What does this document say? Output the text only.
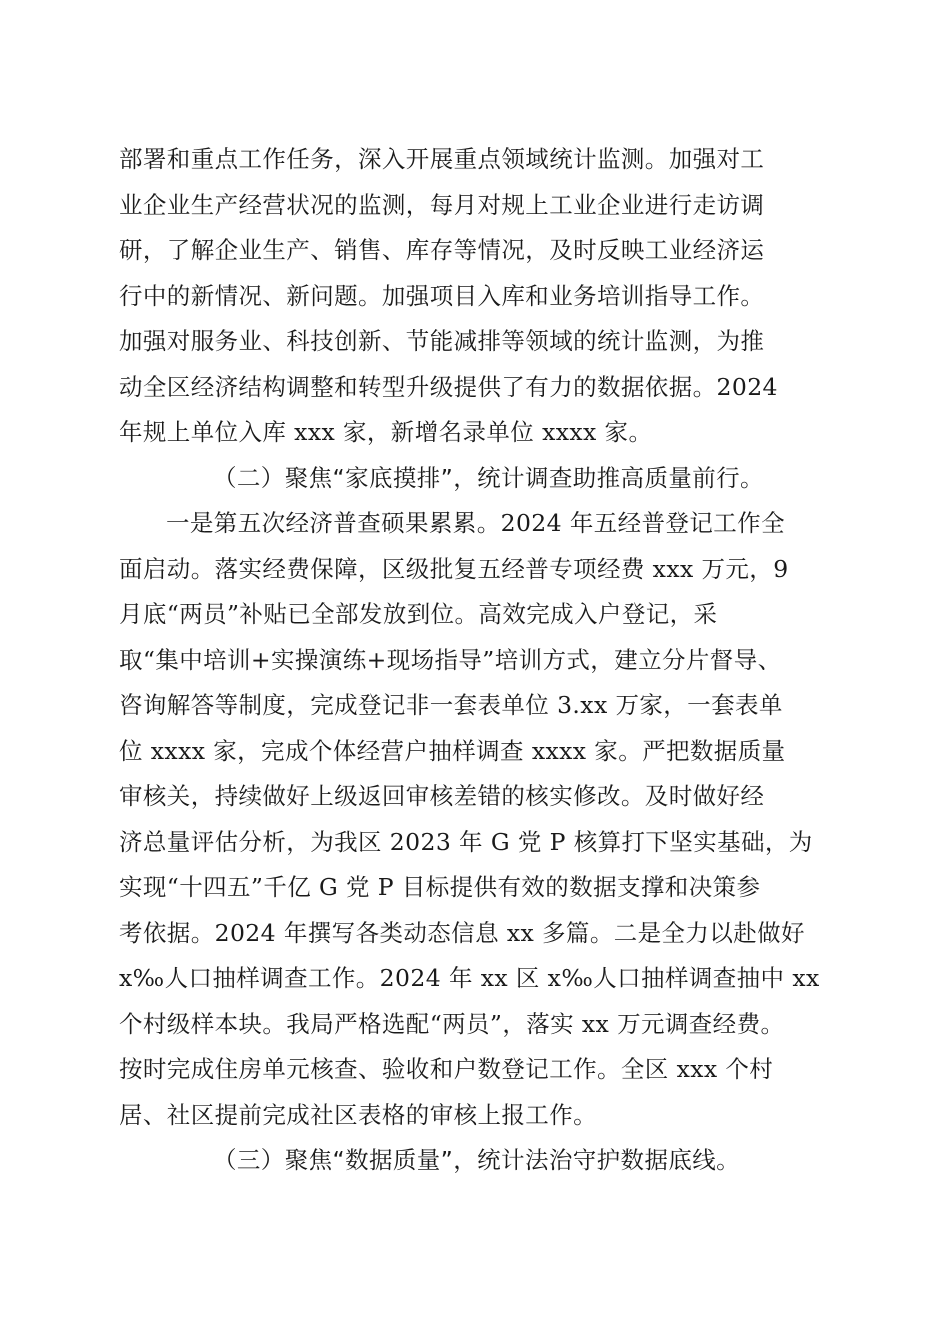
部署和重点工作任务，深入开展重点领域统计监测。加强对工
业企业生产经营状况的监测，每月对规上工业企业进行走访调
研，了解企业生产、销售、库存等情况，及时反映工业经济运
行中的新情况、新问题。加强项目入库和业务培训指导工作。
加强对服务业、科技创新、节能减排等领域的统计监测，为推
动全区经济结构调整和转型升级提供了有力的数据依据。2024
年规上单位入库 xxx 家，新增名录单位 xxxx 家。

（二）聚焦“家底摸排”，统计调查助推高质量前行。

一是第五次经济普查硕果累累。2024 年五经普登记工作全
面启动。落实经费保障，区级批复五经普专项经费 xxx 万元，9
月底“两员”补贴已全部发放到位。高效完成入户登记，采
取“集中培训+实操演练+现场指导”培训方式，建立分片督导、
咨询解答等制度，完成登记非一套表单位 3.xx 万家，一套表单
位 xxxx 家，完成个体经营户抽样调查 xxxx 家。严把数据质量
审核关，持续做好上级返回审核差错的核实修改。及时做好经
济总量评估分析，为我区 2023 年 G 党 P 核算打下坚实基础，为
实现“十四五”千亿 G 党 P 目标提供有效的数据支撑和决策参
考依据。2024 年撰写各类动态信息 xx 多篇。二是全力以赴做好
x‰人口抽样调查工作。2024 年 xx 区 x‰人口抽样调查抽中 xx
个村级样本块。我局严格选配“两员”，落实 xx 万元调查经费。
按时完成住房单元核查、验收和户数登记工作。全区 xxx 个村
居、社区提前完成社区表格的审核上报工作。

（三）聚焦“数据质量”，统计法治守护数据底线。
